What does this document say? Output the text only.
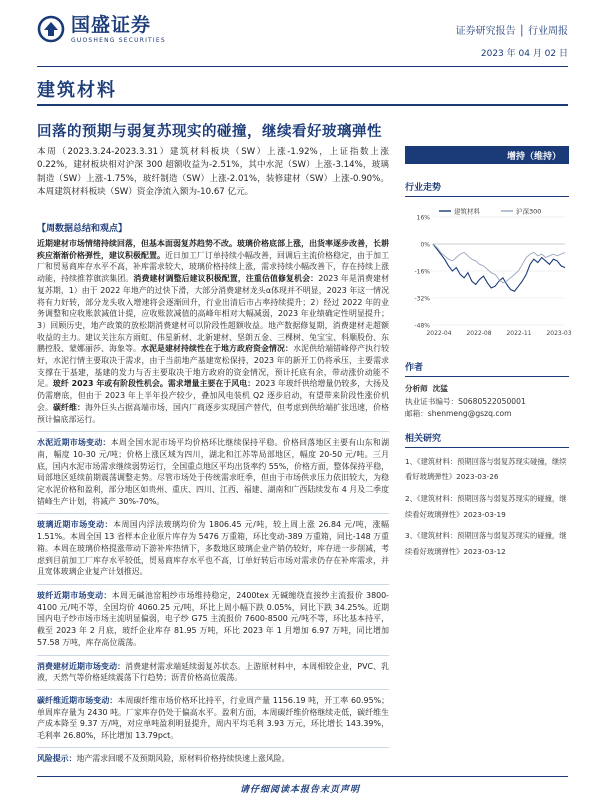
国盛证券
GUOSHENG SECURITIES
证券研究报告 │ 行业周报
2023 年 04 月 02 日
建筑材料
回落的预期与弱复苏现实的碰撞，继续看好玻璃弹性
本周（2023.3.24-2023.3.31）建筑材料板块（SW）上涨-1.92%，上证指数上涨 0.22%，建材板块相对沪深 300 超额收益为-2.51%，其中水泥（SW）上涨-3.14%，玻璃制造（SW）上涨-1.75%，玻纤制造（SW）上涨-2.01%，装修建材（SW）上涨-0.90%。本周建筑材料板块（SW）资金净流入额为-10.67 亿元。
增持（维持）
【周数据总结和观点】

近期建材市场情绪持续回落，但基本面弱复苏趋势不改。玻璃价格底部上涨，出货率逐步改善，长耕疾应渐渐价格弹性，建议积极配置。近日加工厂订单持续小幅改善，回调后主流价格稳定，由于加工厂和贸易商库存水平不高，补库需求较大，玻璃价格持续上涨，需求持续小幅改善下，存在持续上涨动能，持续推荐旗滨集团。消费建材调整后建议积极配置，注重估值修复机会：2023 年是消费建材复苏期，1）由于 2022 年地产的过快下滑，大部分消费建材龙头α体现并不明显，2023 年这一情况将有力好转，部分龙头收入增速将会逐渐回升，行业出清后市占率持续提升；2）经过 2022 年的业务调整和应收账款减值计提，应收账款减值的高峰年相对大幅减弱，2023 年业绩确定性明显提升；3）回顾历史，地产政策的放松期消费建材可以阶段性超额收益。地产数据修复期，消费建材走超额收益的主力。建议关注东方雨虹、伟星新材、北新建材、坚朗五金、三棵树、兔宝宝、科顺股份、东鹏控股、蒙娜丽莎、海象等。水泥是建材持续性在于地方政府资金情况：水泥供给端错峰停产执行较好，水泥行情主要取决于需求，由于当前地产基建宽松保持，2023 年的新开工仍将承压，主要需求支撑在于基建，基建的发力与否主要取决于地方政府的资金情况，预计托底有余，带动涨价动能不足。玻纤 2023 年或有阶段性机会。需求增量主要在于风电：2023 年玻纤供给增量仍较多，大扬及仍需磨底，但由于 2023 年上半年投产较少，叠加风电装机 Q2 逐步启动，有望带来阶段性涨价机会。碳纤维：海外巨头占据高端市场，国内厂商逐步实现国产替代，但考虑到供给端扩张迅速，价格预计偏底部运行。

水泥近期市场变动：本周全国水泥市场平均价格环比继续保持平稳。价格回落地区主要有山东和湖南，幅度 10-30 元/吨；价格上涨区域为四川，湖北和江苏等局部地区，幅度 20-50 元/吨。三月底，国内水泥市场需求继续弱势运行，全国重点地区平均出货率约 55%，价格方面，整体保持平稳，局部地区延续前期震荡调整走势。尽管市场处于传统需求旺季，但由于市场供求压力依旧较大，为稳定水泥价格和盈利，部分地区如贵州、重庆、四川、江西、福建、湖南和广西陆续发布 4 月及二季度错峰生产计划，将减产 30%-70%。

玻璃近期市场变动：本周国内浮法玻璃均价为 1806.45 元/吨，较上周上涨 26.84 元/吨，涨幅 1.51%。本周全国 13 省样本企业原片库存为 5476 万重箱，环比变动-389 万重箱，同比-148 万重箱。本周在玻璃价格提涨带动下游补库热情下，多数地区玻璃企业产销仍较好，库存进一步削减，考虑到目前加工厂库存水平较低，贸易商库存水平也不高，订单好转后市场对需求仍存在补库需求，并且宽体玻璃企业复产计划推迟。

玻纤近期市场变动：本周无碱池窑粗纱市场维持稳定，2400tex 无碱缠绕直接纱主流报价 3800-4100 元/吨不等，全国均价 4060.25 元/吨，环比上周小幅下跌 0.05%，同比下跌 34.25%。近期国内电子纱市场市场主流明显偏弱，电子纱 G75 主流报价 7600-8500 元/吨不等，环比基本持平，截至 2023 年 2 月底，玻纤企业库存 81.95 万吨，环比 2023 年 1 月增加 6.97 万吨，同比增加 57.58 万吨，库存高位震荡。

消费建材近期市场变动：消费建材需求端延续弱复苏状态。上游原材料中，本周相较企业，PVC、乳液，天然气等价格延续震荡下行趋势；沥青价格高位震荡。

碳纤维近期市场变动：本周碳纤维市场价格环比持平，行业周产量 1156.19 吨，开工率 60.95%；单周库存量为 2430 吨。厂家库存仍处于偏高水平。盈利方面，本周碳纤维价格继续走低，碳纤维生产成本降至 9.37 万/吨，对应单吨盈利明显提升，周内平均毛利 3.93 万元，环比增长 143.39%，毛利率 26.80%，环比增加 13.79pct。

风险提示：地产需求回暖不及预期风险，原材料价格持续快速上涨风险。

行业走势
16%
0%
-16%
-32%
-48%
2022-04 2022-08 2022-11 2023-03
建筑材料	沪深300
作者
分析师 沈猛
执业证书编号：S0680522050001
邮箱：shenmeng@gszq.com
相关研究
1、《建筑材料：预期回落与弱复苏现实碰撞，继续看好玻璃弹性》2023-03-26
2、《建筑材料：预期回落与弱复苏现实的碰撞，继续看好玻璃弹性》2023-03-19
3、《建筑材料：预期回落与弱复苏现实的碰撞，继续看好玻璃弹性》2023-03-12
请仔细阅读本报告末页声明
